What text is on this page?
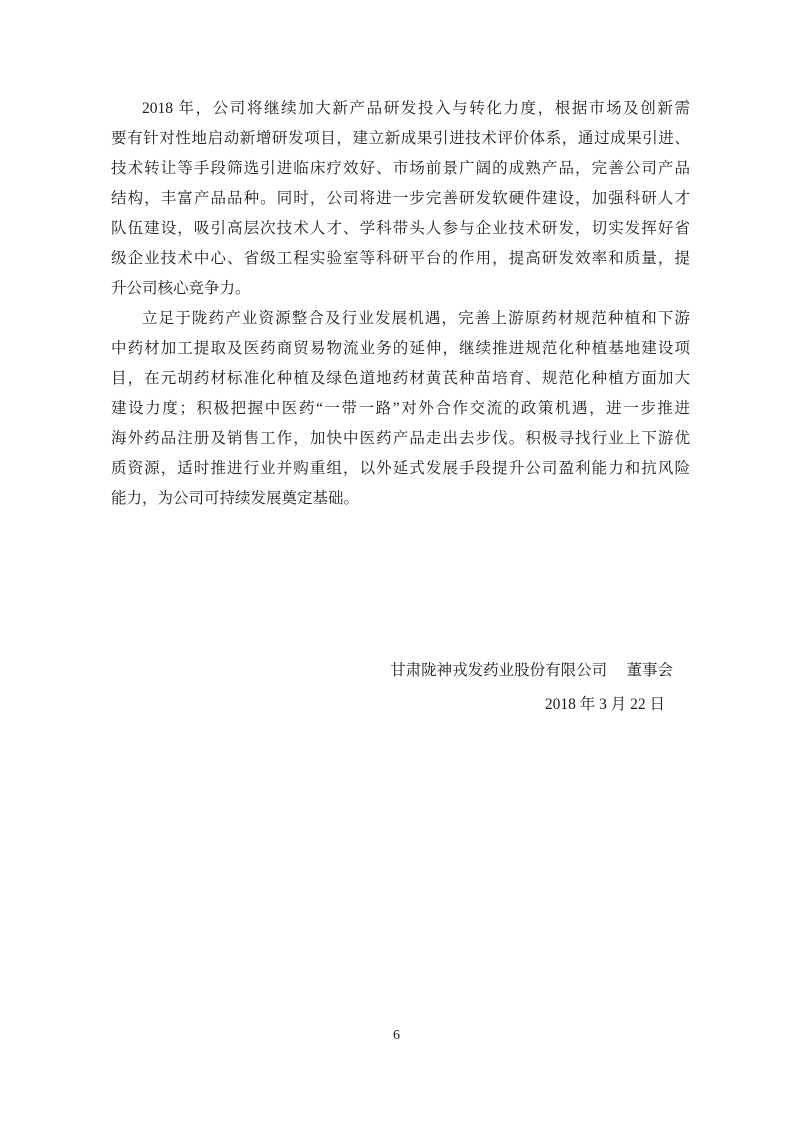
2018 年，公司将继续加大新产品研发投入与转化力度，根据市场及创新需
要有针对性地启动新增研发项目，建立新成果引进技术评价体系，通过成果引进、
技术转让等手段筛选引进临床疗效好、市场前景广阔的成熟产品，完善公司产品
结构，丰富产品品种。同时，公司将进一步完善研发软硬件建设，加强科研人才
队伍建设，吸引高层次技术人才、学科带头人参与企业技术研发，切实发挥好省
级企业技术中心、省级工程实验室等科研平台的作用，提高研发效率和质量，提
升公司核心竞争力。
立足于陇药产业资源整合及行业发展机遇，完善上游原药材规范种植和下游
中药材加工提取及医药商贸易物流业务的延伸，继续推进规范化种植基地建设项
目，在元胡药材标准化种植及绿色道地药材黄芪种苗培育、规范化种植方面加大
建设力度；积极把握中医药“一带一路”对外合作交流的政策机遇，进一步推进
海外药品注册及销售工作，加快中医药产品走出去步伐。积极寻找行业上下游优
质资源，适时推进行业并购重组，以外延式发展手段提升公司盈利能力和抗风险
能力，为公司可持续发展奠定基础。
甘肃陇神戎发药业股份有限公司　 董事会
2018 年 3 月 22 日
6
